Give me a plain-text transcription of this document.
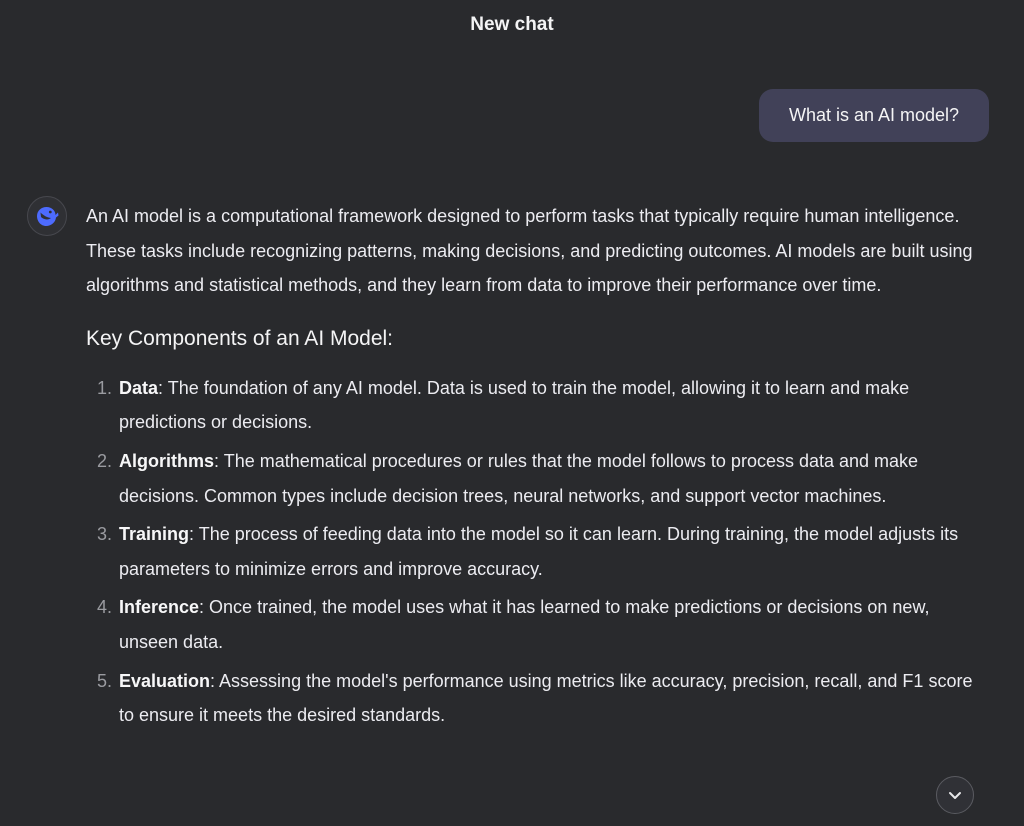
New chat
What is an AI model?

An AI model is a computational framework designed to perform tasks that typically require human intelligence. These tasks include recognizing patterns, making decisions, and predicting outcomes. AI models are built using algorithms and statistical methods, and they learn from data to improve their performance over time.

Key Components of an AI Model:
1. Data: The foundation of any AI model. Data is used to train the model, allowing it to learn and make predictions or decisions.
2. Algorithms: The mathematical procedures or rules that the model follows to process data and make decisions. Common types include decision trees, neural networks, and support vector machines.
3. Training: The process of feeding data into the model so it can learn. During training, the model adjusts its parameters to minimize errors and improve accuracy.
4. Inference: Once trained, the model uses what it has learned to make predictions or decisions on new, unseen data.
5. Evaluation: Assessing the model's performance using metrics like accuracy, precision, recall, and F1 score to ensure it meets the desired standards.
